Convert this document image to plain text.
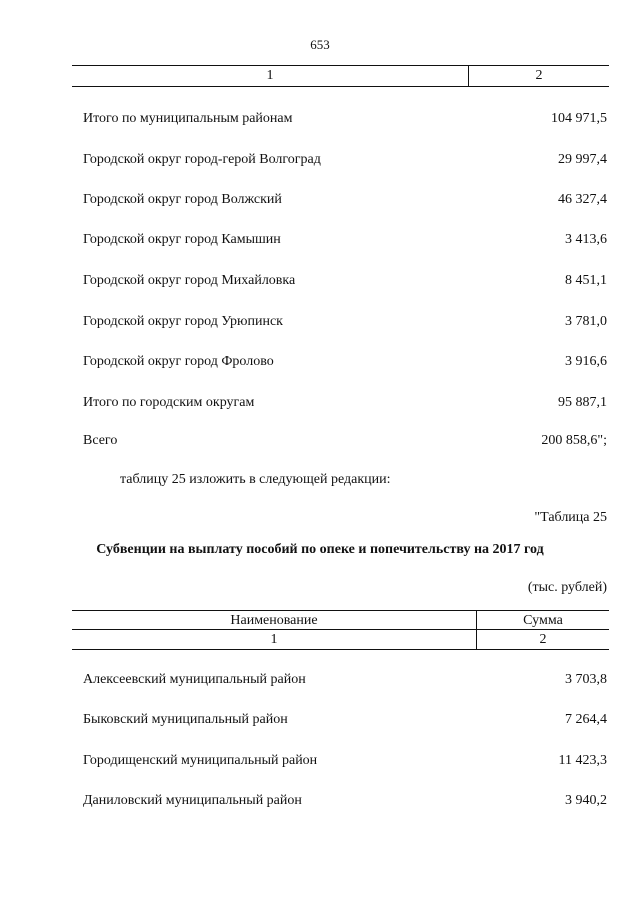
653
1	2
Итого по муниципальным районам	104 971,5
Городской округ город-герой Волгоград	29 997,4
Городской округ город Волжский	46 327,4
Городской округ город Камышин	3 413,6
Городской округ город Михайловка	8 451,1
Городской округ город Урюпинск	3 781,0
Городской округ город Фролово	3 916,6
Итого по городским округам	95 887,1
Всего	200 858,6";
таблицу 25 изложить в следующей редакции:
"Таблица 25
Субвенции на выплату пособий по опеке и попечительству на 2017 год
(тыс. рублей)
Наименование	Сумма
1	2
Алексеевский муниципальный район	3 703,8
Быковский муниципальный район	7 264,4
Городищенский муниципальный район	11 423,3
Даниловский муниципальный район	3 940,2
